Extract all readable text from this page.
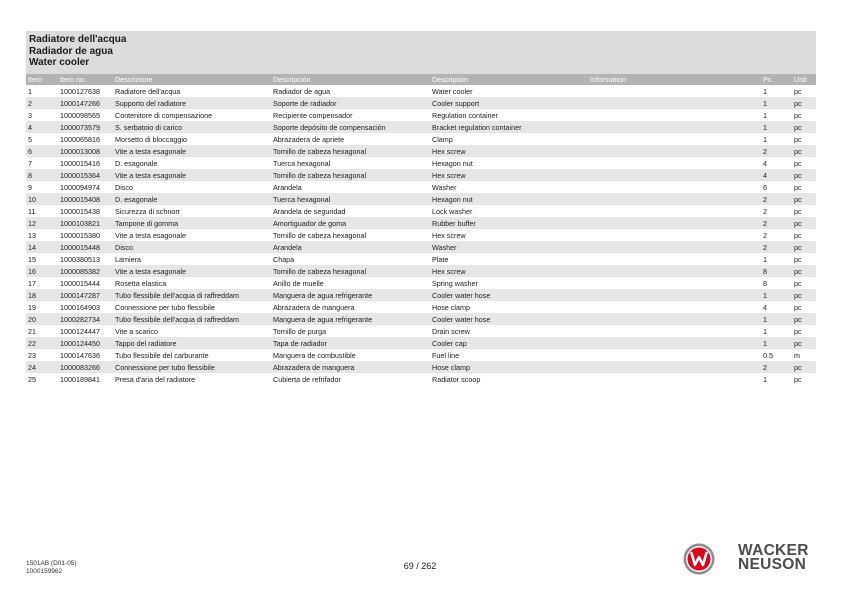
Radiatore dell'acqua
Radiador de agua
Water cooler
Item	Item no.	Descrizione	Descripción	Description	Information	Pc.	Unit
1	1000127638	Radiatore dell'acqua	Radiador de agua	Water cooler		1	pc
2	1000147266	Supporto del radiatore	Soporte de radiador	Cooler support		1	pc
3	1000098565	Contenitore di compensazione	Recipiente compensador	Regulation container		1	pc
4	1000073579	S. serbatoio di carico	Soporte depósito de compensación	Bracket regulation container		1	pc
5	1000065816	Morsetto di bloccaggio	Abrazadera de apriete	Clamp		1	pc
6	1000013008	Vite a testa esagonale	Tornillo de cabeza hexagonal	Hex screw		2	pc
7	1000015416	D. esagonale	Tuerca hexagonal	Hexagon nut		4	pc
8	1000015364	Vite a testa esagonale	Tornillo de cabeza hexagonal	Hex screw		4	pc
9	1000094974	Disco	Arandela	Washer		6	pc
10	1000015408	D. esagonale	Tuerca hexagonal	Hexagon nut		2	pc
11	1000015438	Sicurezza di schnorr	Arandela de seguridad	Lock washer		2	pc
12	1000103821	Tampone di gomma	Amortiguador de goma	Rubber buffer		2	pc
13	1000015380	Vite a testa esagonale	Tornillo de cabeza hexagonal	Hex screw		2	pc
14	1000015448	Disco	Arandela	Washer		2	pc
15	1000380513	Lamiera	Chapa	Plate		1	pc
16	1000085382	Vite a testa esagonale	Tornillo de cabeza hexagonal	Hex screw		8	pc
17	1000015444	Rosetta elastica	Anillo de muelle	Spring washer		8	pc
18	1000147287	Tubo flessibile dell'acqua di raffreddam	Manguera de agua refrigerante	Cooler water hose		1	pc
19	1000164903	Connessione per tubo flessibile	Abrazadera de manguera	Hose clamp		4	pc
20	1000282734	Tubo flessibile dell'acqua di raffreddam	Manguera de agua refrigerante	Cooler water hose		1	pc
21	1000124447	Vite a scarico	Tornillo de purga	Drain screw		1	pc
22	1000124450	Tappo del radiatore	Tapa de radiador	Cooler cap		1	pc
23	1000147636	Tubo flessibile del carburante	Manguera de combustible	Fuel line		0.5	m
24	1000083266	Connessione per tubo flessibile	Abrazadera de manguera	Hose clamp		2	pc
25	1000189841	Presa d'aria del radiatore	Cubierta de refrifador	Radiator scoop		1	pc
1501AB (D01-05)
1000159962
69 / 262
WACKER
NEUSON
